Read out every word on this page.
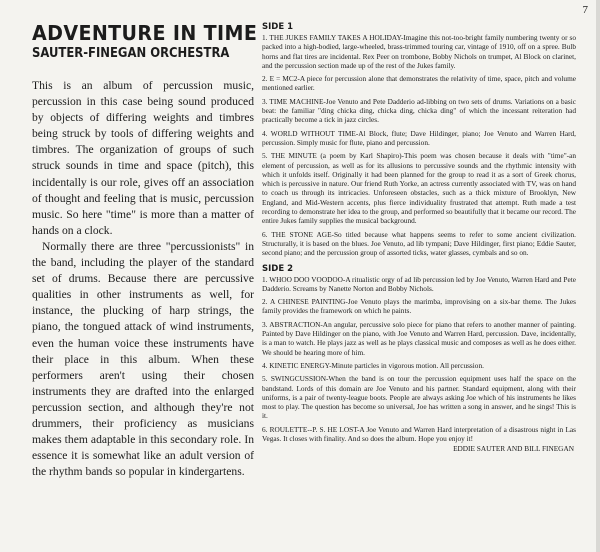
7
ADVENTURE IN TIME
SAUTER-FINEGAN ORCHESTRA

This is an album of percussion music, percussion in this case being sound produced by objects of differing weights and timbres being struck by tools of differing weights and timbres. The organization of groups of such struck sounds in time and space (pitch), this incidentally is our role, gives off an association of thought and feeling that is music, percussion music. So here "time" is more than a matter of hands on a clock.

Normally there are three "percussionists" in the band, including the player of the standard set of drums. Because there are percussive qualities in other instruments as well, for instance, the plucking of harp strings, the piano, the tongued attack of wind instruments, even the human voice these instruments have their place in this album. When these performers aren't using their chosen instruments they are drafted into the enlarged percussion section, and although they're not drummers, their proficiency as musicians makes them adaptable in this secondary role. In essence it is somewhat like an adult version of the rhythm bands so popular in kindergartens.

SIDE 1

1. THE JUKES FAMILY TAKES A HOLIDAY-Imagine this not-too-bright family numbering twenty or so packed into a high-bodied, large-wheeled, brass-trimmed touring car, vintage of 1910, off on a spree. Bulb horns and flat tires are incidental. Rex Peer on trombone, Bobby Nichols on trumpet, Al Block on clarinet, and the percussion section made up of the rest of the Jukes family.

2. E = MC2-A piece for percussion alone that demonstrates the relativity of time, space, pitch and volume mentioned earlier.

3. TIME MACHINE-Joe Venuto and Pete Dadderio ad-libbing on two sets of drums. Variations on a basic beat: the familiar "ding chicka ding, chicka ding, chicka ding" of which the incessant reiteration had practically become a tick in jazz circles.

4. WORLD WITHOUT TIME-Al Block, flute; Dave Hildinger, piano; Joe Venuto and Warren Hard, percussion. Simply music for flute, piano and percussion.

5. THE MINUTE (a poem by Karl Shapiro)-This poem was chosen because it deals with "time"-an element of percussion, as well as for its allusions to percussive sounds and the rhythmic intensity with which it unfolds itself. Originally it had been planned for the group to read it as a sort of Greek chorus, which is percussive in nature. Our friend Ruth Yorke, an actress currently associated with TV, was on hand to coach us through its intricacies. Unforeseen obstacles, such as a thick mixture of Brooklyn, New England, and Mid-Western accents, plus fierce individuality frustrated that attempt. Ruth made a test recording to demonstrate her idea to the group, and performed so beautifully that it became our record. The entire Jukes family supplies the musical background.

6. THE STONE AGE-So titled because what happens seems to refer to some ancient civilization. Structurally, it is based on the blues. Joe Venuto, ad lib tympani; Dave Hildinger, first piano; Eddie Sauter, second piano; and the percussion group of assorted ticks, water glasses, cymbals and so on.

SIDE 2

1. WHOO DOO VOODOO-A ritualistic orgy of ad lib percussion led by Joe Venuto, Warren Hard and Pete Dadderio. Screams by Nanette Norton and Bobby Nichols.

2. A CHINESE PAINTING-Joe Venuto plays the marimba, improvising on a six-bar theme. The Jukes family provides the framework on which he paints.

3. ABSTRACTION-An angular, percussive solo piece for piano that refers to another manner of painting. Painted by Dave Hildinger on the piano, with Joe Venuto and Warren Hard, percussion. Dave, incidentally, is a man to watch. He plays jazz as well as he plays classical music and composes as well as he does either. We should be hearing more of him.

4. KINETIC ENERGY-Minute particles in vigorous motion. All percussion.

5. SWINGCUSSION-When the band is on tour the percussion equipment uses half the space on the bandstand. Lords of this domain are Joe Venuto and his partner. Standard equipment, along with their uniforms, is a pair of twenty-league boots. People are always asking Joe which of his instruments he likes most to play. The question has become so universal, Joe has written a song in answer, and he sings! This is it.

6. ROULETTE--P. S. HE LOST-A Joe Venuto and Warren Hard interpretation of a disastrous night in Las Vegas. It closes with finality. And so does the album. Hope you enjoy it!

EDDIE SAUTER AND BILL FINEGAN
